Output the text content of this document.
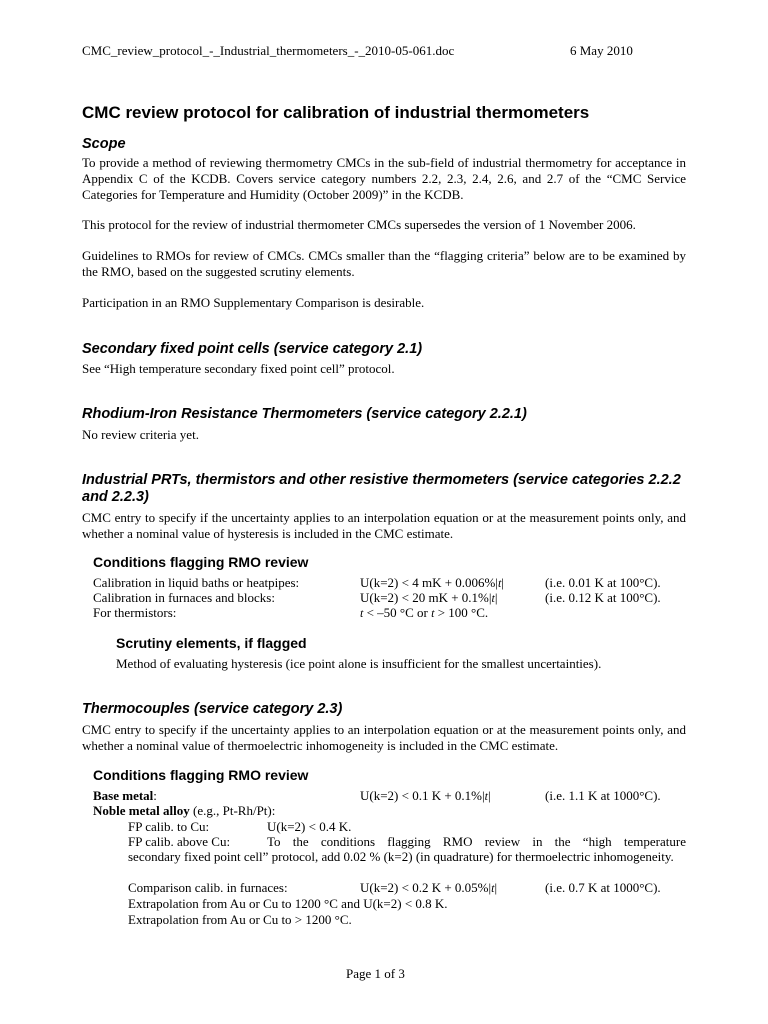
CMC_review_protocol_-_Industrial_thermometers_-_2010-05-061.doc	6 May 2010
CMC review protocol for calibration of industrial thermometers
Scope
To provide a method of reviewing thermometry CMCs in the sub-field of industrial thermometry for acceptance in Appendix C of the KCDB. Covers service category numbers 2.2, 2.3, 2.4, 2.6, and 2.7 of the “CMC Service Categories for Temperature and Humidity (October 2009)” in the KCDB.
This protocol for the review of industrial thermometer CMCs supersedes the version of 1 November 2006.
Guidelines to RMOs for review of CMCs. CMCs smaller than the “flagging criteria” below are to be examined by the RMO, based on the suggested scrutiny elements.
Participation in an RMO Supplementary Comparison is desirable.
Secondary fixed point cells (service category 2.1)
See “High temperature secondary fixed point cell” protocol.
Rhodium-Iron Resistance Thermometers (service category 2.2.1)
No review criteria yet.
Industrial PRTs, thermistors and other resistive thermometers (service categories 2.2.2 and 2.2.3)
CMC entry to specify if the uncertainty applies to an interpolation equation or at the measurement points only, and whether a nominal value of hysteresis is included in the CMC estimate.
Conditions flagging RMO review
Calibration in liquid baths or heatpipes:	U(k=2) < 4 mK + 0.006%|t|	(i.e. 0.01 K at 100°C).
Calibration in furnaces and blocks:	U(k=2) < 20 mK + 0.1%|t|	(i.e. 0.12 K at 100°C).
For thermistors:	t < –50 °C or t > 100 °C.
Scrutiny elements, if flagged
Method of evaluating hysteresis (ice point alone is insufficient for the smallest uncertainties).
Thermocouples (service category 2.3)
CMC entry to specify if the uncertainty applies to an interpolation equation or at the measurement points only, and whether a nominal value of thermoelectric inhomogeneity is included in the CMC estimate.
Conditions flagging RMO review
Base metal:	U(k=2) < 0.1 K + 0.1%|t|	(i.e. 1.1 K at 1000°C).
Noble metal alloy (e.g., Pt-Rh/Pt):
FP calib. to Cu:	U(k=2) < 0.4 K.
FP calib. above Cu:	To the conditions flagging RMO review in the “high temperature
secondary fixed point cell” protocol, add 0.02 % (k=2) (in quadrature) for thermoelectric inhomogeneity.
Comparison calib. in furnaces:	U(k=2) < 0.2 K + 0.05%|t|	(i.e. 0.7 K at 1000°C).
Extrapolation from Au or Cu to 1200 °C and U(k=2) < 0.8 K.
Extrapolation from Au or Cu to > 1200 °C.
Page 1 of 3
